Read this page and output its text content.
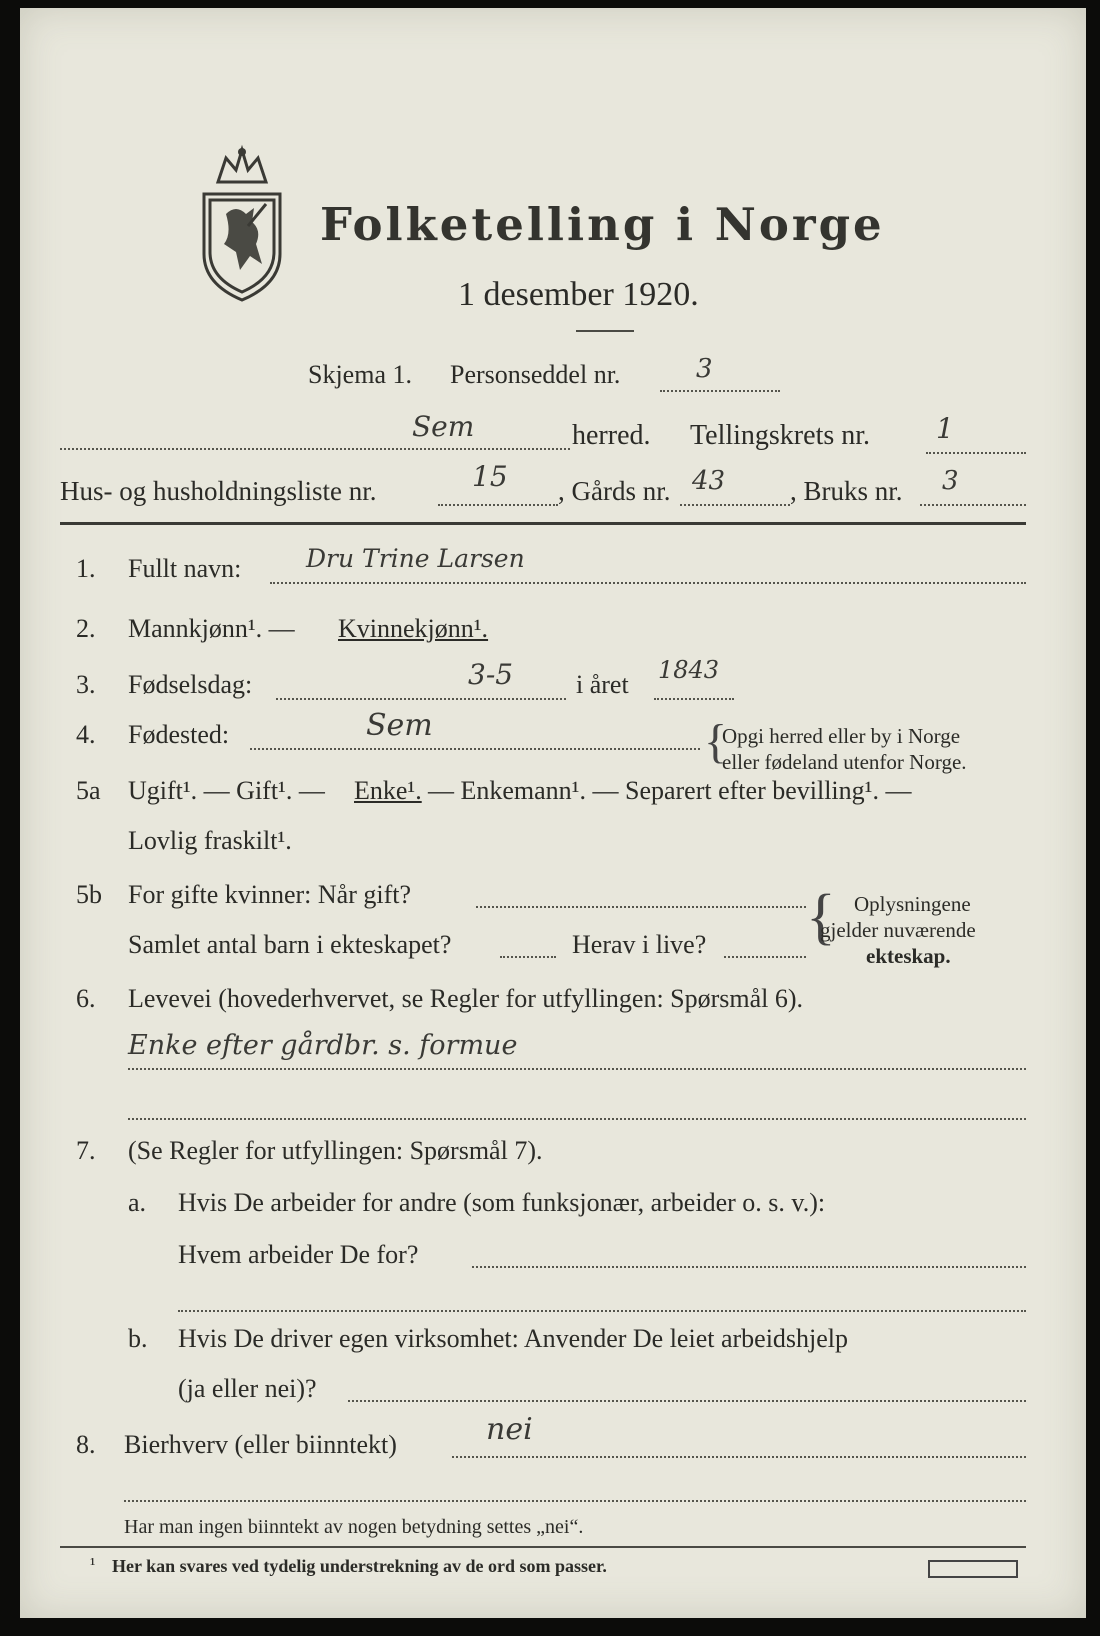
Folketelling i Norge
1 desember 1920.
Skjema 1. Personseddel nr.	3
Sem	herred. Tellingskrets nr. 1
Hus- og husholdningsliste nr.	15 , Gårds nr. 43 , Bruks nr. 3
1. Fullt navn:	Dru Trine Larsen
2. Mannkjønn¹. — Kvinnekjønn¹.
3. Fødselsdag:	3-5 i året 1843
4. Fødested:	Sem	{
Opgi herred eller by i Norge
eller fødeland utenfor Norge.
5a Ugift¹. — Gift¹. — Enke¹. — Enkemann¹. — Separert efter bevilling¹. —
Lovlig fraskilt¹.
5b For gifte kvinner: Når gift?
Samlet antal barn i ekteskapet?	Herav i live? { Oplysningene
gjelder nuværende
ekteskap.
6. Levevei (hovederhvervet, se Regler for utfyllingen: Spørsmål 6).
Enke efter gårdbr. s. formue
7. (Se Regler for utfyllingen: Spørsmål 7).
a. Hvis De arbeider for andre (som funksjonær, arbeider o. s. v.):
Hvem arbeider De for?
b. Hvis De driver egen virksomhet: Anvender De leiet arbeidshjelp
(ja eller nei)?
8. Bierhverv (eller biinntekt)	nei
Har man ingen biinntekt av nogen betydning settes „nei“.
¹ Her kan svares ved tydelig understrekning av de ord som passer.
